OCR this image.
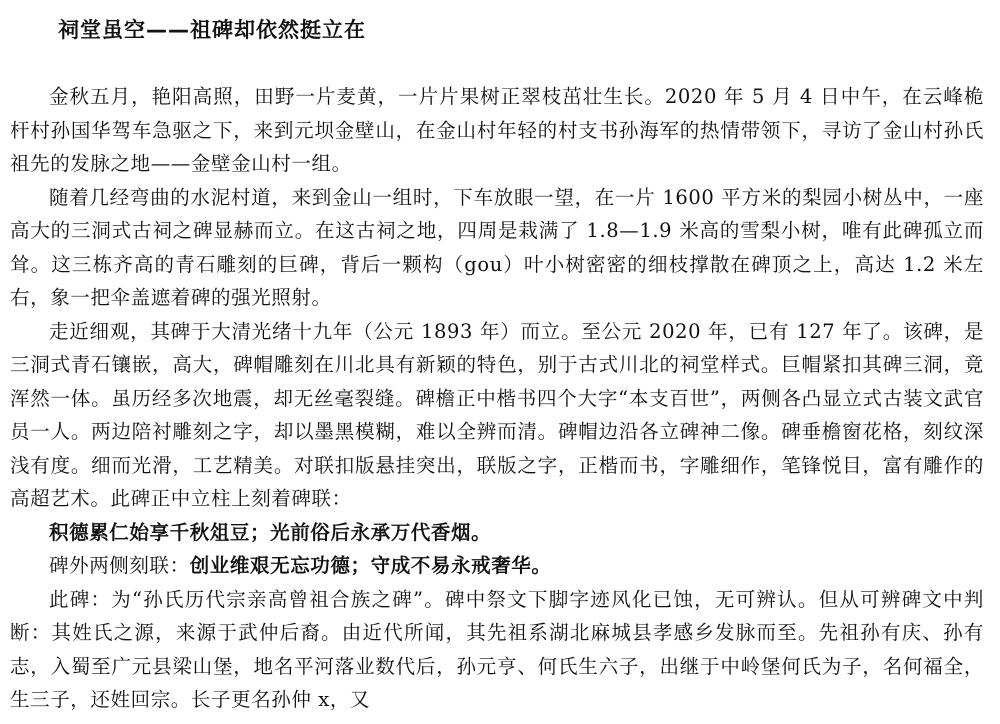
祠堂虽空——祖碑却依然挺立在

金秋五月，艳阳高照，田野一片麦黄，一片片果树正翠枝茁壮生长。2020 年 5 月 4 日中午，在云峰桅杆村孙国华驾车急驱之下，来到元坝金壁山，在金山村年轻的村支书孙海军的热情带领下，寻访了金山村孙氏祖先的发脉之地——金壁金山村一组。

随着几经弯曲的水泥村道，来到金山一组时，下车放眼一望，在一片 1600 平方米的梨园小树丛中，一座高大的三洞式古祠之碑显赫而立。在这古祠之地，四周是栽满了 1.8—1.9 米高的雪梨小树，唯有此碑孤立而耸。这三栋齐高的青石雕刻的巨碑，背后一颗构（gou）叶小树密密的细枝撑散在碑顶之上，高达 1.2 米左右，象一把伞盖遮着碑的强光照射。

走近细观，其碑于大清光绪十九年（公元 1893 年）而立。至公元 2020 年，已有 127 年了。该碑，是三洞式青石镶嵌，高大，碑帽雕刻在川北具有新颖的特色，别于古式川北的祠堂样式。巨帽紧扣其碑三洞，竟浑然一体。虽历经多次地震，却无丝毫裂缝。碑檐正中楷书四个大字“本支百世”，两侧各凸显立式古装文武官员一人。两边陪衬雕刻之字，却以墨黑模糊，难以全辨而清。碑帽边沿各立碑神二像。碑垂檐窗花格，刻纹深浅有度。细而光滑，工艺精美。对联扣版悬挂突出，联版之字，正楷而书，字雕细作，笔锋悦目，富有雕作的高超艺术。此碑正中立柱上刻着碑联：

积德累仁始享千秋俎豆；光前俗后永承万代香烟。

碑外两侧刻联：创业维艰无忘功德；守成不易永戒奢华。

此碑：为“孙氏历代宗亲高曾祖合族之碑”。碑中祭文下脚字迹风化已蚀，无可辨认。但从可辨碑文中判断：其姓氏之源，来源于武仲后裔。由近代所闻，其先祖系湖北麻城县孝感乡发脉而至。先祖孙有庆、孙有志，入蜀至广元县梁山堡，地名平河落业数代后，孙元亨、何氏生六子，出继于中岭堡何氏为子，名何福全，生三子，还姓回宗。长子更名孙仲 x，又
